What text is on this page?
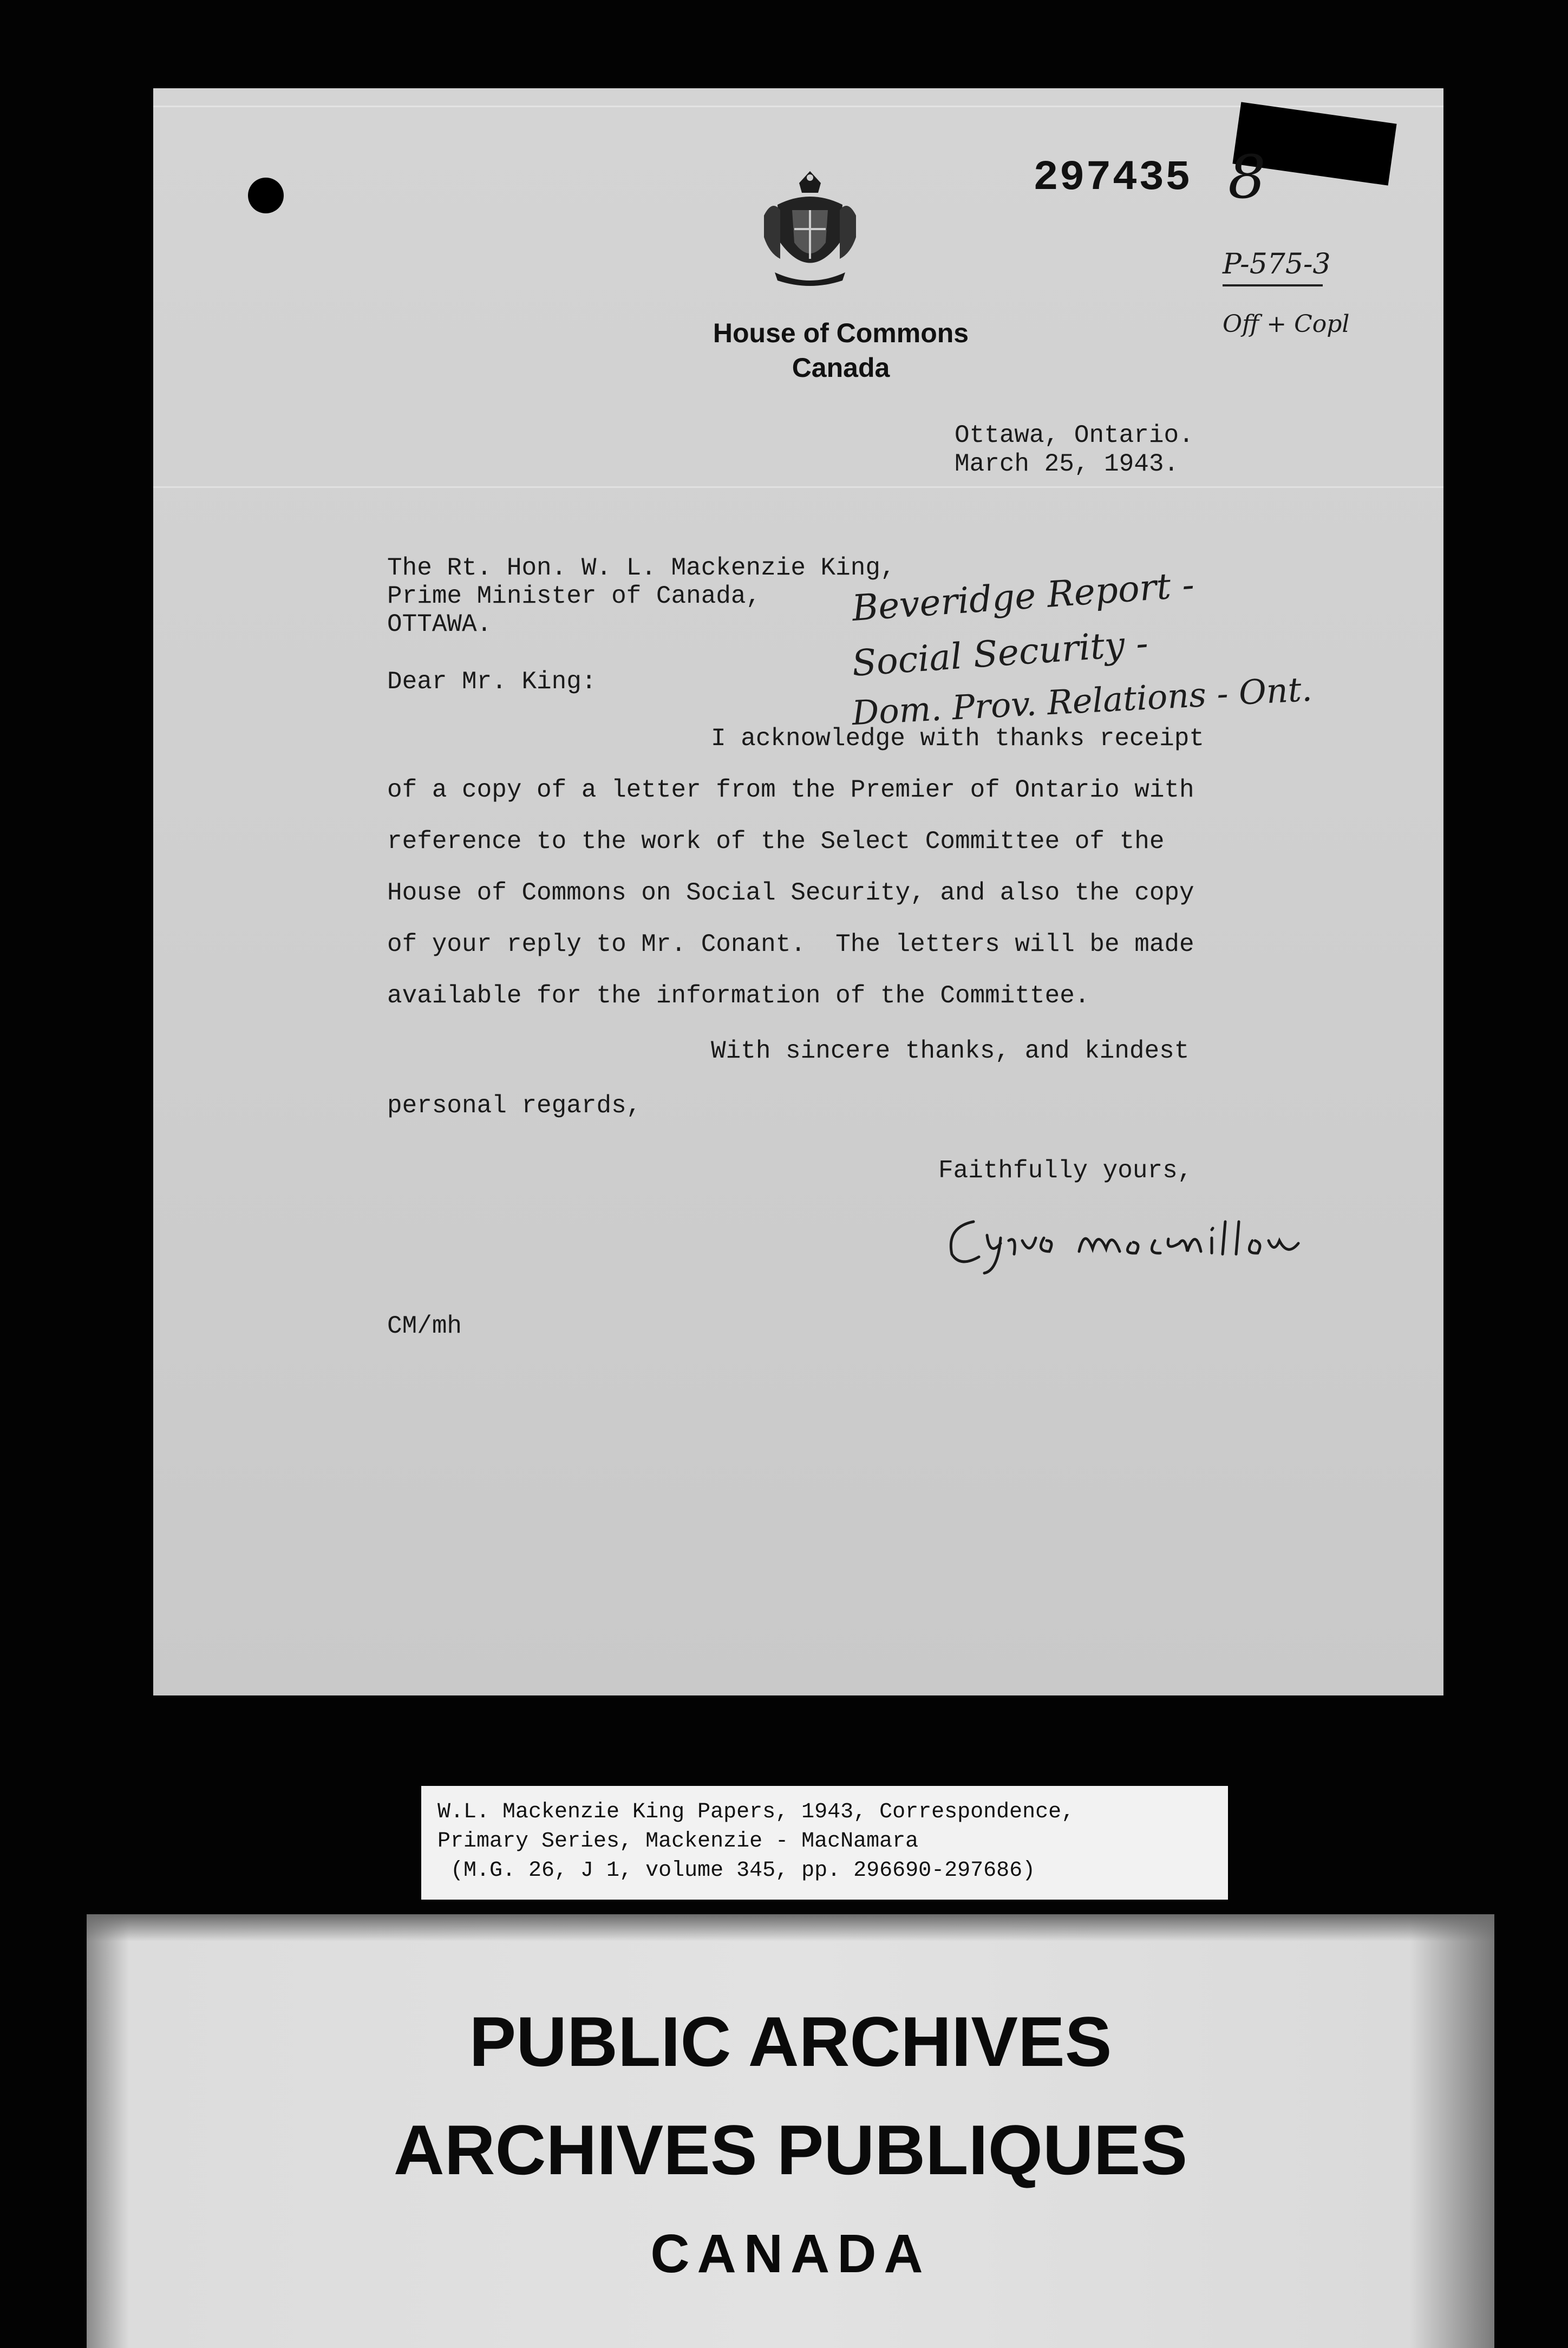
297435 8
House of Commons
Canada
P-575-3
Off + Copl
Ottawa, Ontario.
March 25, 1943.
The Rt. Hon. W. L. Mackenzie King,
Prime Minister of Canada,
OTTAWA.	Beveridge Report -
Social Security -
Dom. Prov. Relations - Ont.
Dear Mr. King:
I acknowledge with thanks receipt
of a copy of a letter from the Premier of Ontario with
reference to the work of the Select Committee of the
House of Commons on Social Security, and also the copy
of your reply to Mr. Conant.  The letters will be made
available for the information of the Committee.
With sincere thanks, and kindest
personal regards,
Faithfully yours,
CM/mh
W.L. Mackenzie King Papers, 1943, Correspondence,
Primary Series, Mackenzie - MacNamara
(M.G. 26, J 1, volume 345, pp. 296690-297686)
PUBLIC ARCHIVES
ARCHIVES PUBLIQUES
CANADA
